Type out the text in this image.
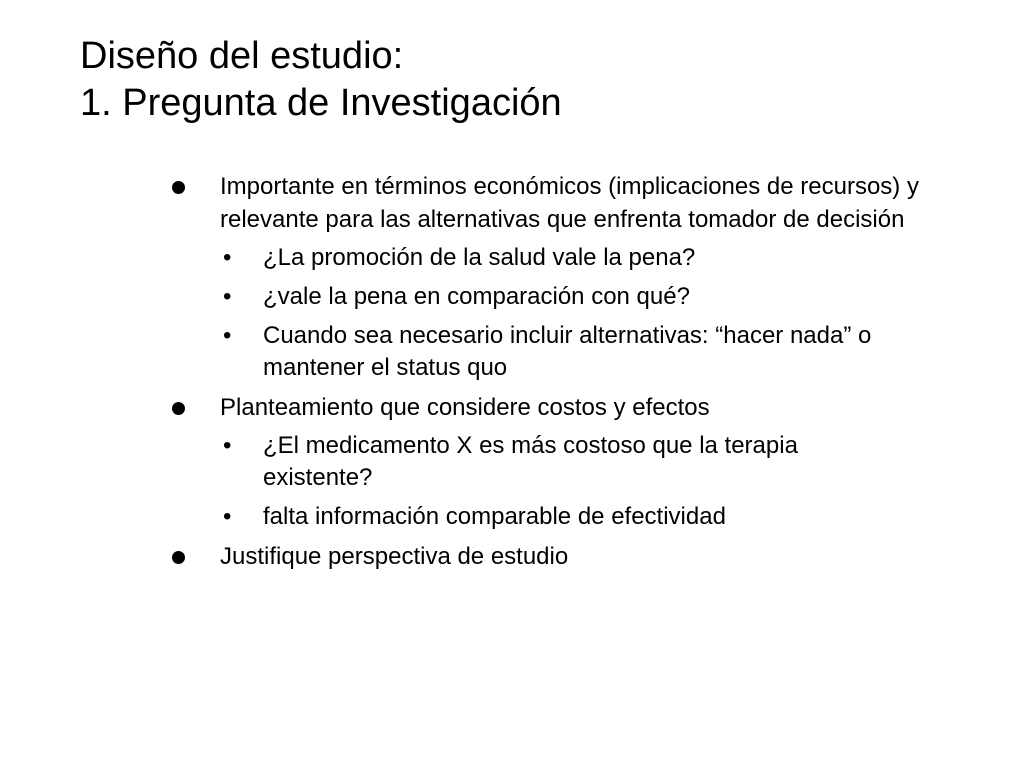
Diseño del estudio:
1. Pregunta de Investigación
Importante en términos económicos (implicaciones de recursos) y relevante para las alternativas que enfrenta tomador de decisión
• ¿La promoción de la salud vale la pena?
• ¿vale la pena en comparación con qué?
• Cuando sea necesario incluir alternativas: “hacer nada” o mantener el status quo
Planteamiento que considere costos y efectos
• ¿El medicamento X es más costoso que la terapia existente?
• falta información comparable de efectividad
Justifique perspectiva de estudio
